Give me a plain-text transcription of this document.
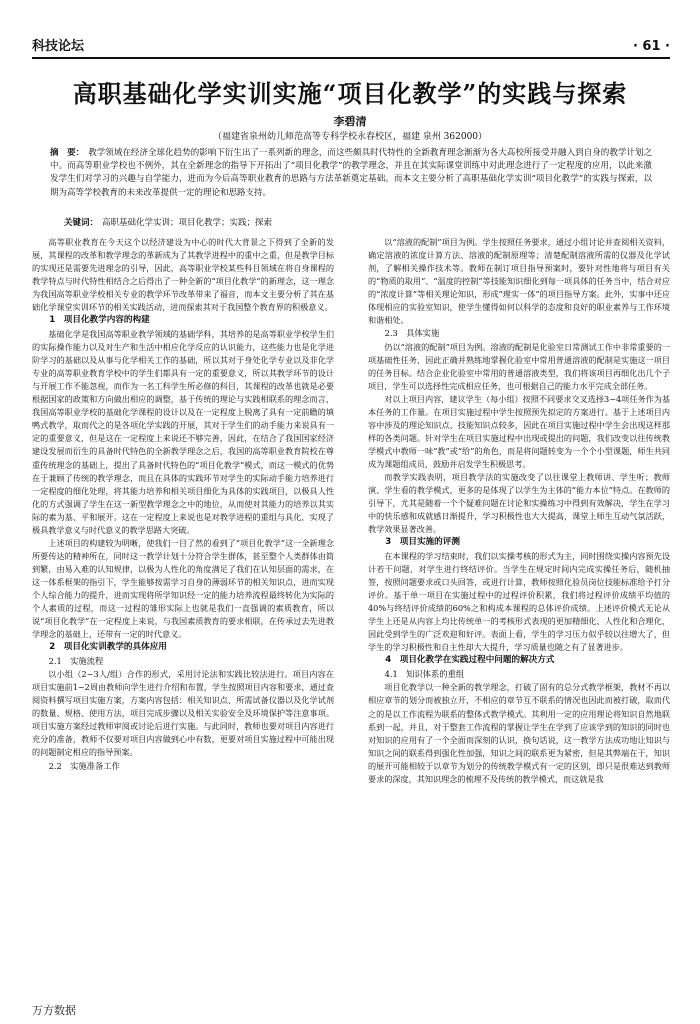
科技论坛	· 61 ·
高职基础化学实训实施“项目化教学”的实践与探索
李碧清
（福建省泉州幼儿师范高等专科学校永春校区，福建 泉州 362000）
摘　要： 教学领域在经济全球化趋势的影响下衍生出了一系列新的理念，而这些颇具时代特性的全新教育理念渐渐为各大高校所接受并融入到自身的教学计划之中。而高等职业学校也不例外，其在全新理念的指导下开拓出了“项目化教学”的教学理念，并且在其实际课堂训练中对此理念进行了一定程度的应用，以此来激发学生们对学习的兴趣与自学能力，进而为今后高等职业教育的思路与方法革新奠定基础。而本文主要分析了高职基础化学实训“项目化教学”的实践与探索，以期为高等学校教育的未来改革提供一定的理论和思路支持。
关键词： 高职基础化学实训；项目化教学；实践；探索

高等职业教育在今天这个以经济建设为中心的时代大背景之下得到了全新的发展，其课程的改革和教学理念的革新成为了其教学进程中的重中之重，但是教学目标的实现还是需要先进理念的引导，因此，高等职业学校某些科目领域在将自身课程的教学特点与时代特性相结合之后得出了一种全新的“项目化教学”的新理念，这一理念为我国高等职业学校相关专业的教学环节改革带来了福音，而本文主要分析了其在基础化学课堂实训环节的相关实践活动，进而探索其对于我国整个教育界的积极意义。

1　项目化教学内容的构建

基础化学是我国高等职业教学领域的基础学科，其培养的是高等职业学校学生们的实际操作能力以及对生产和生活中相应化学反应的认识能力，这些能力也是化学进阶学习的基础以及从事与化学相关工作的基础，所以其对于身处化学专业以及非化学专业的高等职业教育学校中的学生们都具有一定的重要意义，所以其教学环节的设计与开展工作不能忽视，而作为一名工科学生所必修的科目，其课程的改革也就是必要根据国家的政策和方向做出相应的调整，基于传统的理论与实践相联系的理念而言，我国高等职业学校的基础化学课程的设计以及在一定程度上脱离了具有一定前瞻的填鸭式教学，取而代之的是各项化学实践的开展，其对于学生们的动手能力来说具有一定的重要意义，但是这在一定程度上来说还不够完善，因此，在结合了我国国家经济建设发展而衍生的具备时代特色的全新教学理念之后，我国的高等职业教育院校在尊重传统理念的基础上，提出了具备时代特色的“项目化教学”模式，而这一模式的优势在于兼顾了传统的教学理念，而且在具体的实践环节对学生的实际动手能力培养进行一定程度的细化处理，将其能力培养和相关项目细化为具体的实践项目，以极具人性化的方式强调了学生在这一新型教学理念之中的地位，从而使对其能力的培养以其实际的素为基、平和展开。这在一定程度上来说也是对教学进程的重组与具化，实现了极具教学意义与时代意义的教学思路大突破。

上述项目的构建较为明晰，使我们一目了然的看到了“项目化教学”这一全新理念所要传达的精神所在，同时这一教学计划十分符合学生群体，甚至整个人类群体由简到繁，由易入难的认知规律，以极为人性化的角度满足了我们在认知层面的需求，在这一体系框架的指引下，学生能够按需学习自身的薄弱环节的相关知识点，进而实现个人综合能力的提升，进而实现将所学知识经一定的能力培养流程最终转化为实际的个人素质的过程，而这一过程的雏形实际上也就是我们一直强调的素质教育，所以说“项目化教学”在一定程度上来说，与我国素质教育的要求相联，在传承过去先进教学理念的基础上，还带有一定的时代意义。

2　项目化实训教学的具体应用
2.1　实施流程

以小组（2~3人/组）合作的形式，采用讨论法和实践比较法进行。项目内容在项目实施前1~2周由教师向学生进行介绍和布置，学生按照项目内容和要求，通过查阅资料撰写项目实施方案，方案内容包括：相关知识点、所需试备仪器以及化学试剂的数量、规格、使用方法，项目完成步骤以及相关实验安全及环境保护等注意事项。项目实施方案经过教师审阅或讨论后进行实施。与此同时，教师也要对项目内容进行充分的准备，教师不仅要对项目内容做到心中有数，更要对项目实施过程中可能出现的问题制定相应的指导预案。

2.2　实施准备工作

以“溶液的配制”项目为例。学生按照任务要求，通过小组讨论并查阅相关资料，确定溶液的浓度计算方法、溶液的配制原理等；清楚配制溶液所需的仪器及化学试剂，了解相关操作技术等。教师在制订项目指导预案时，要针对性地将与项目有关的“物质的取用”、“温度的控制”等技能知识细化到每一项具体的任务当中，结合对应的“浓度计算”等相关理论知识，形成“理实一体”的项目指导方案。此外，实事中还应体现相应的实验室知识，使学生懂得如何以科学的态度和良好的职业素养与工作环境和谐相处。

2.3　具体实施

仍以“溶液的配制”项目为例。溶液的配制是化验室日常测试工作中非常重要的一项基础性任务，因此正确并熟练地掌握化验室中常用普通溶液的配制是实施这一项目的任务目标。结合企业化验室中常用的普通溶液类型，我们将该项目再细化出几个子项目，学生可以选择性完成相应任务，也可根据自己的能力水平完成全部任务。

对以上项目内容，建议学生（每小组）按照不同要求交叉选择3~4项任务作为基本任务的工作量。在项目实施过程中学生按照预先拟定的方案进行。基于上述项目内容中涉及的理论知识点、技能知识点较多，因此在项目实施过程中学生会出现这样那样的各类问题。针对学生在项目实施过程中出现或提出的问题，我们改变以往传统教学模式中教师一味“教”或“给”的角色，而是将问题转变为一个个小型课题，师生共同成为课题组成员，鼓励并启发学生积极思考。

而教学实践表明，项目教学法的实施改变了以往课堂上教师讲、学生听；教师演、学生看的教学模式，更多的是体现了以学生为主体的“能力本位”特点。在教师的引导下，尤其是随着一个个疑难问题在讨论和实操练习中得到有效解决，学生在学习中的快乐感和成就感日渐提升，学习积极性也大大提高，课堂上师生互动气氛活跃，教学效果显著改善。

3　项目实施的评测

在本课程的学习结束时，我们以实操考核的形式为主，同时围绕实操内容预先设计若干问题，对学生进行终结评价。当学生在规定时间内完成实操任务后，随机抽签，按照问题要求或口头回答，或进行计算，教师按照化验员岗位技能标准给予打分评价。基于单一项目在实施过程中的过程评价积累，我们将过程评价成绩平均值的40%与终结评价成绩的60%之和构成本课程的总体评价成绩。上述评价模式无论从学生上还是从内容上均比传统单一的考核形式表现的更加精细化、人性化和合理化，因此受到学生的广泛欢迎和好评。表面上看，学生的学习压力似乎较以往增大了，但学生的学习积极性和自主性却大大提升，学习质量也随之有了显著进步。

4　项目化教学在实践过程中问题的解决方式
4.1　知识体系的重组

项目化教学以一种全新的教学理念，打破了固有的总分式教学框架，教材不再以相应章节的划分而被独立开，不相应的章节互不联系的情况也因此而被打破，取而代之的是以工作流程为联系的整体式教学模式。其利用一定的应用理论将知识自然地联系到一起，并且，对于整套工作流程的掌握让学生在学到了应该学到的知识的同时也对知识的应用有了一个全面而深刻的认识，换句话说，这一教学方法成功地让知识与知识之间的联系得到强化性加强，知识之间的联系更为紧密，但是其弊端在于，知识的展开可能相较于以章节为划分的传统教学模式有一定的区别，即只是很难达到教师要求的深度，其知识理念的梳理不及传统的教学模式，而这就是我

万方数据
